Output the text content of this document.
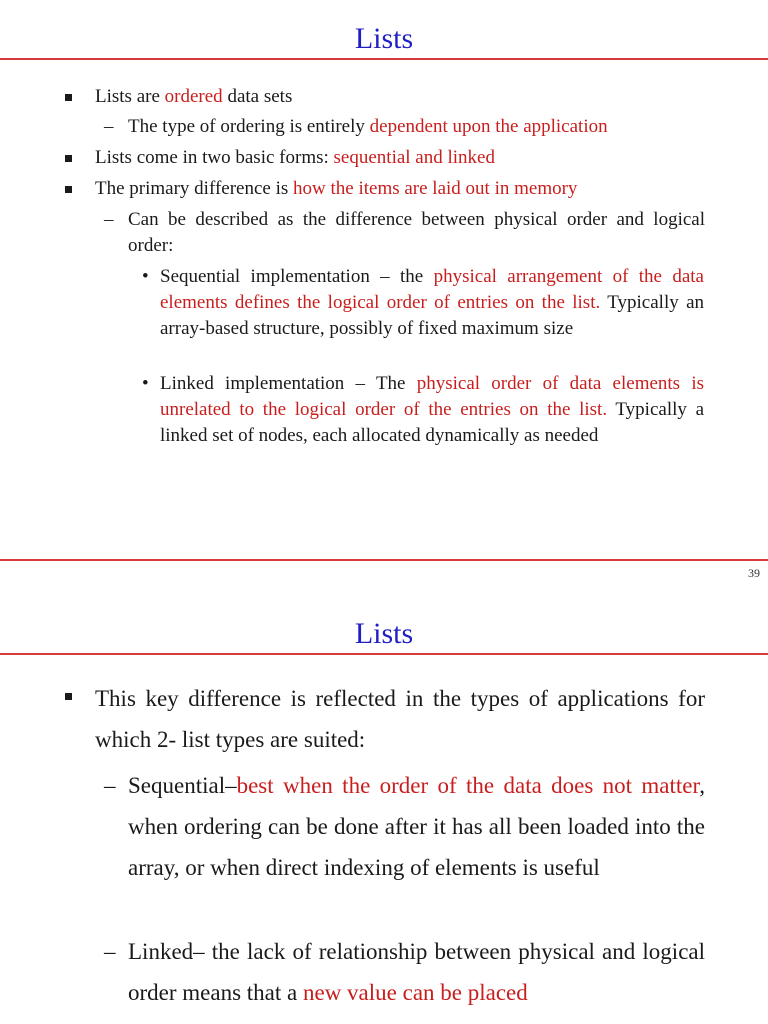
Lists

Lists are ordered data sets

– The type of ordering is entirely dependent upon the application

Lists come in two basic forms: sequential and linked

The primary difference is how the items are laid out in memory

– Can be described as the difference between physical order and logical order:

• Sequential implementation – the physical arrangement of the data elements defines the logical order of entries on the list. Typically an array-based structure, possibly of fixed maximum size

• Linked implementation – The physical order of data elements is unrelated to the logical order of the entries on the list. Typically a linked set of nodes, each allocated dynamically as needed

39
Lists

This key difference is reflected in the types of applications for which 2- list types are suited:

– Sequential–best when the order of the data does not matter, when ordering can be done after it has all been loaded into the array, or when direct indexing of elements is useful

– Linked– the lack of relationship between physical and logical order means that a new value can be placed
